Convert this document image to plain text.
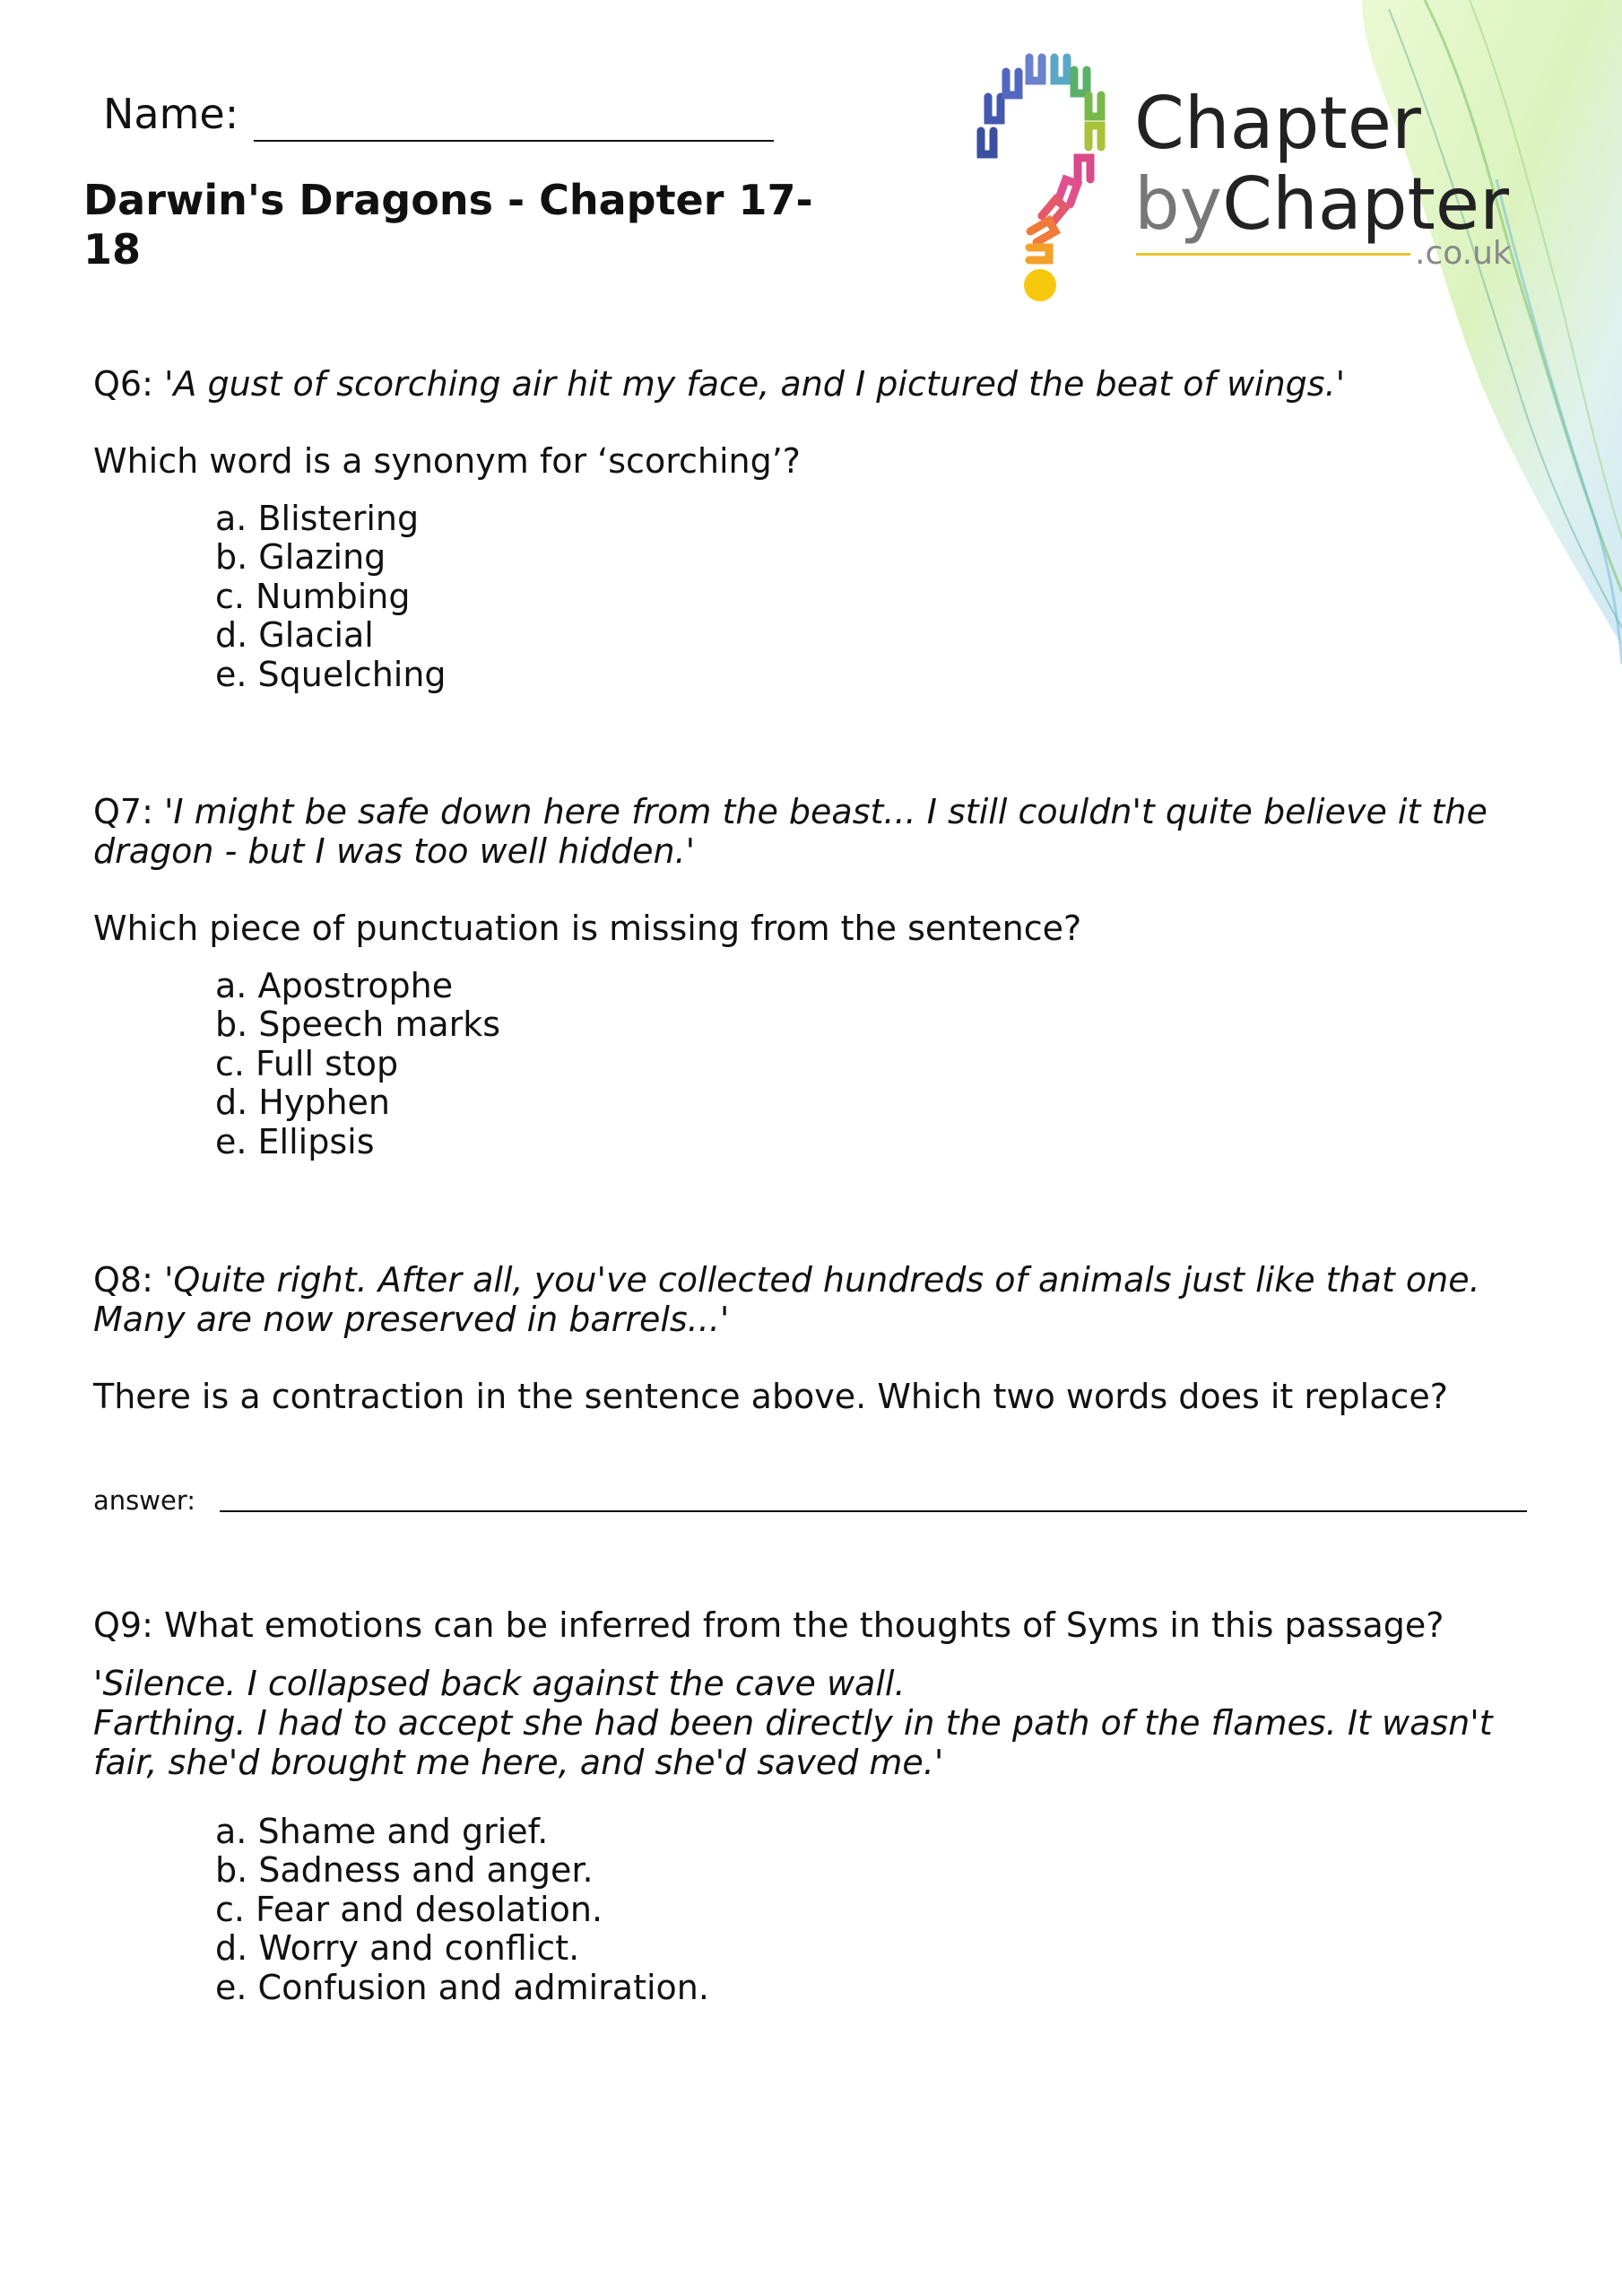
Name:
Darwin's Dragons - Chapter 17-18
Chapter
byChapter
.co.uk
Q6: 'A gust of scorching air hit my face, and I pictured the beat of wings.'
Which word is a synonym for ‘scorching’?
a. Blistering
b. Glazing
c. Numbing
d. Glacial
e. Squelching
Q7: 'I might be safe down here from the beast... I still couldn't quite believe it the dragon - but I was too well hidden.'
Which piece of punctuation is missing from the sentence?
a. Apostrophe
b. Speech marks
c. Full stop
d. Hyphen
e. Ellipsis
Q8: 'Quite right. After all, you've collected hundreds of animals just like that one. Many are now preserved in barrels...'
There is a contraction in the sentence above. Which two words does it replace?
answer:
Q9: What emotions can be inferred from the thoughts of Syms in this passage?
'Silence. I collapsed back against the cave wall.
Farthing. I had to accept she had been directly in the path of the flames. It wasn't fair, she'd brought me here, and she'd saved me.'
a. Shame and grief.
b. Sadness and anger.
c. Fear and desolation.
d. Worry and conflict.
e. Confusion and admiration.
